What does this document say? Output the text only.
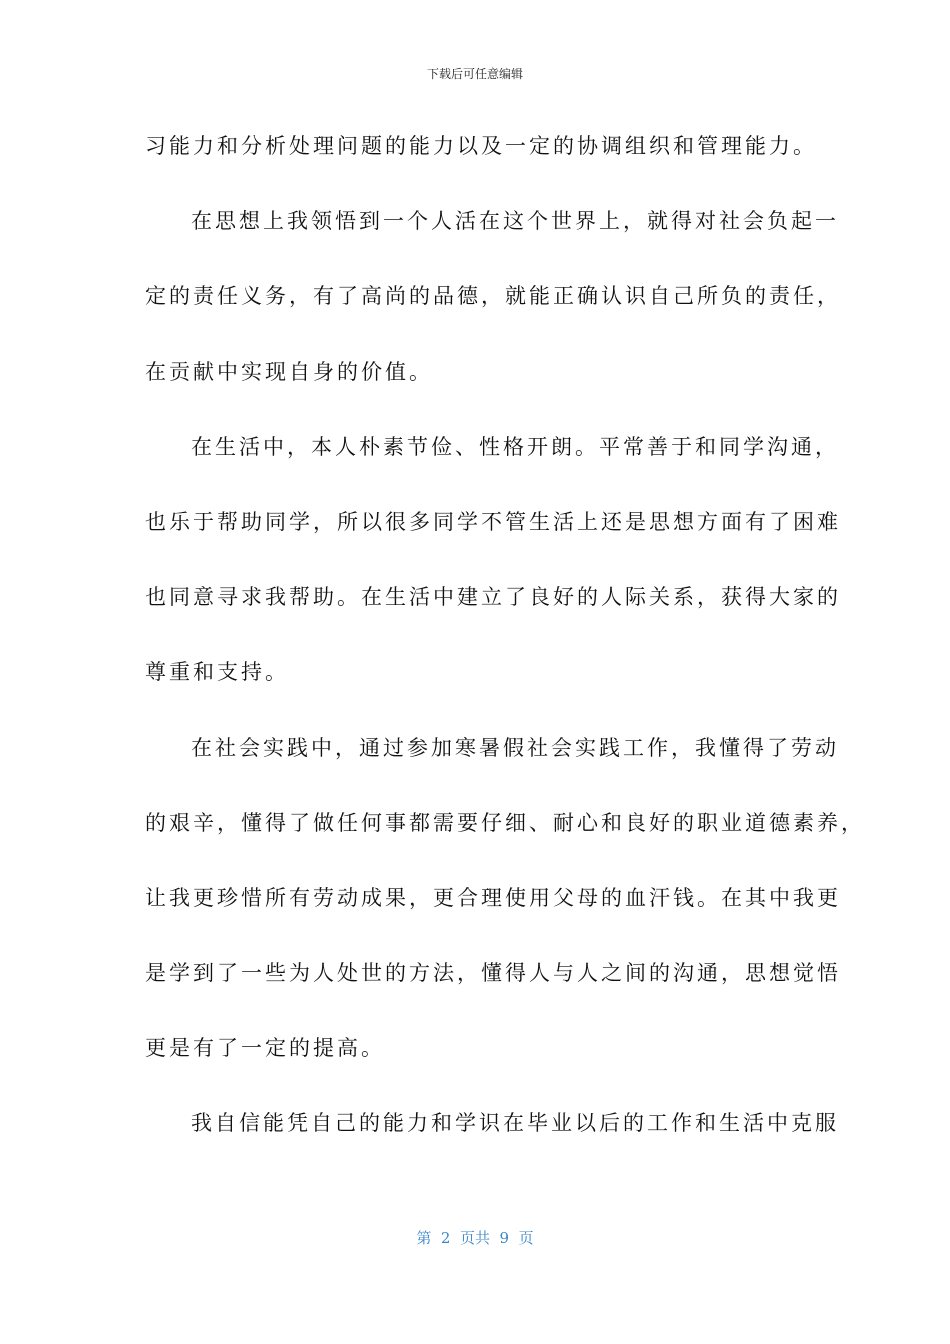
下载后可任意编辑
习能力和分析处理问题的能力以及一定的协调组织和管理能力。
在思想上我领悟到一个人活在这个世界上，就得对社会负起一
定的责任义务，有了高尚的品德，就能正确认识自己所负的责任，
在贡献中实现自身的价值。
在生活中，本人朴素节俭、性格开朗。平常善于和同学沟通，
也乐于帮助同学，所以很多同学不管生活上还是思想方面有了困难
也同意寻求我帮助。在生活中建立了良好的人际关系，获得大家的
尊重和支持。
在社会实践中，通过参加寒暑假社会实践工作，我懂得了劳动
的艰辛，懂得了做任何事都需要仔细、耐心和良好的职业道德素养，
让我更珍惜所有劳动成果，更合理使用父母的血汗钱。在其中我更
是学到了一些为人处世的方法，懂得人与人之间的沟通，思想觉悟
更是有了一定的提高。
我自信能凭自己的能力和学识在毕业以后的工作和生活中克服
第  2  页共  9  页
